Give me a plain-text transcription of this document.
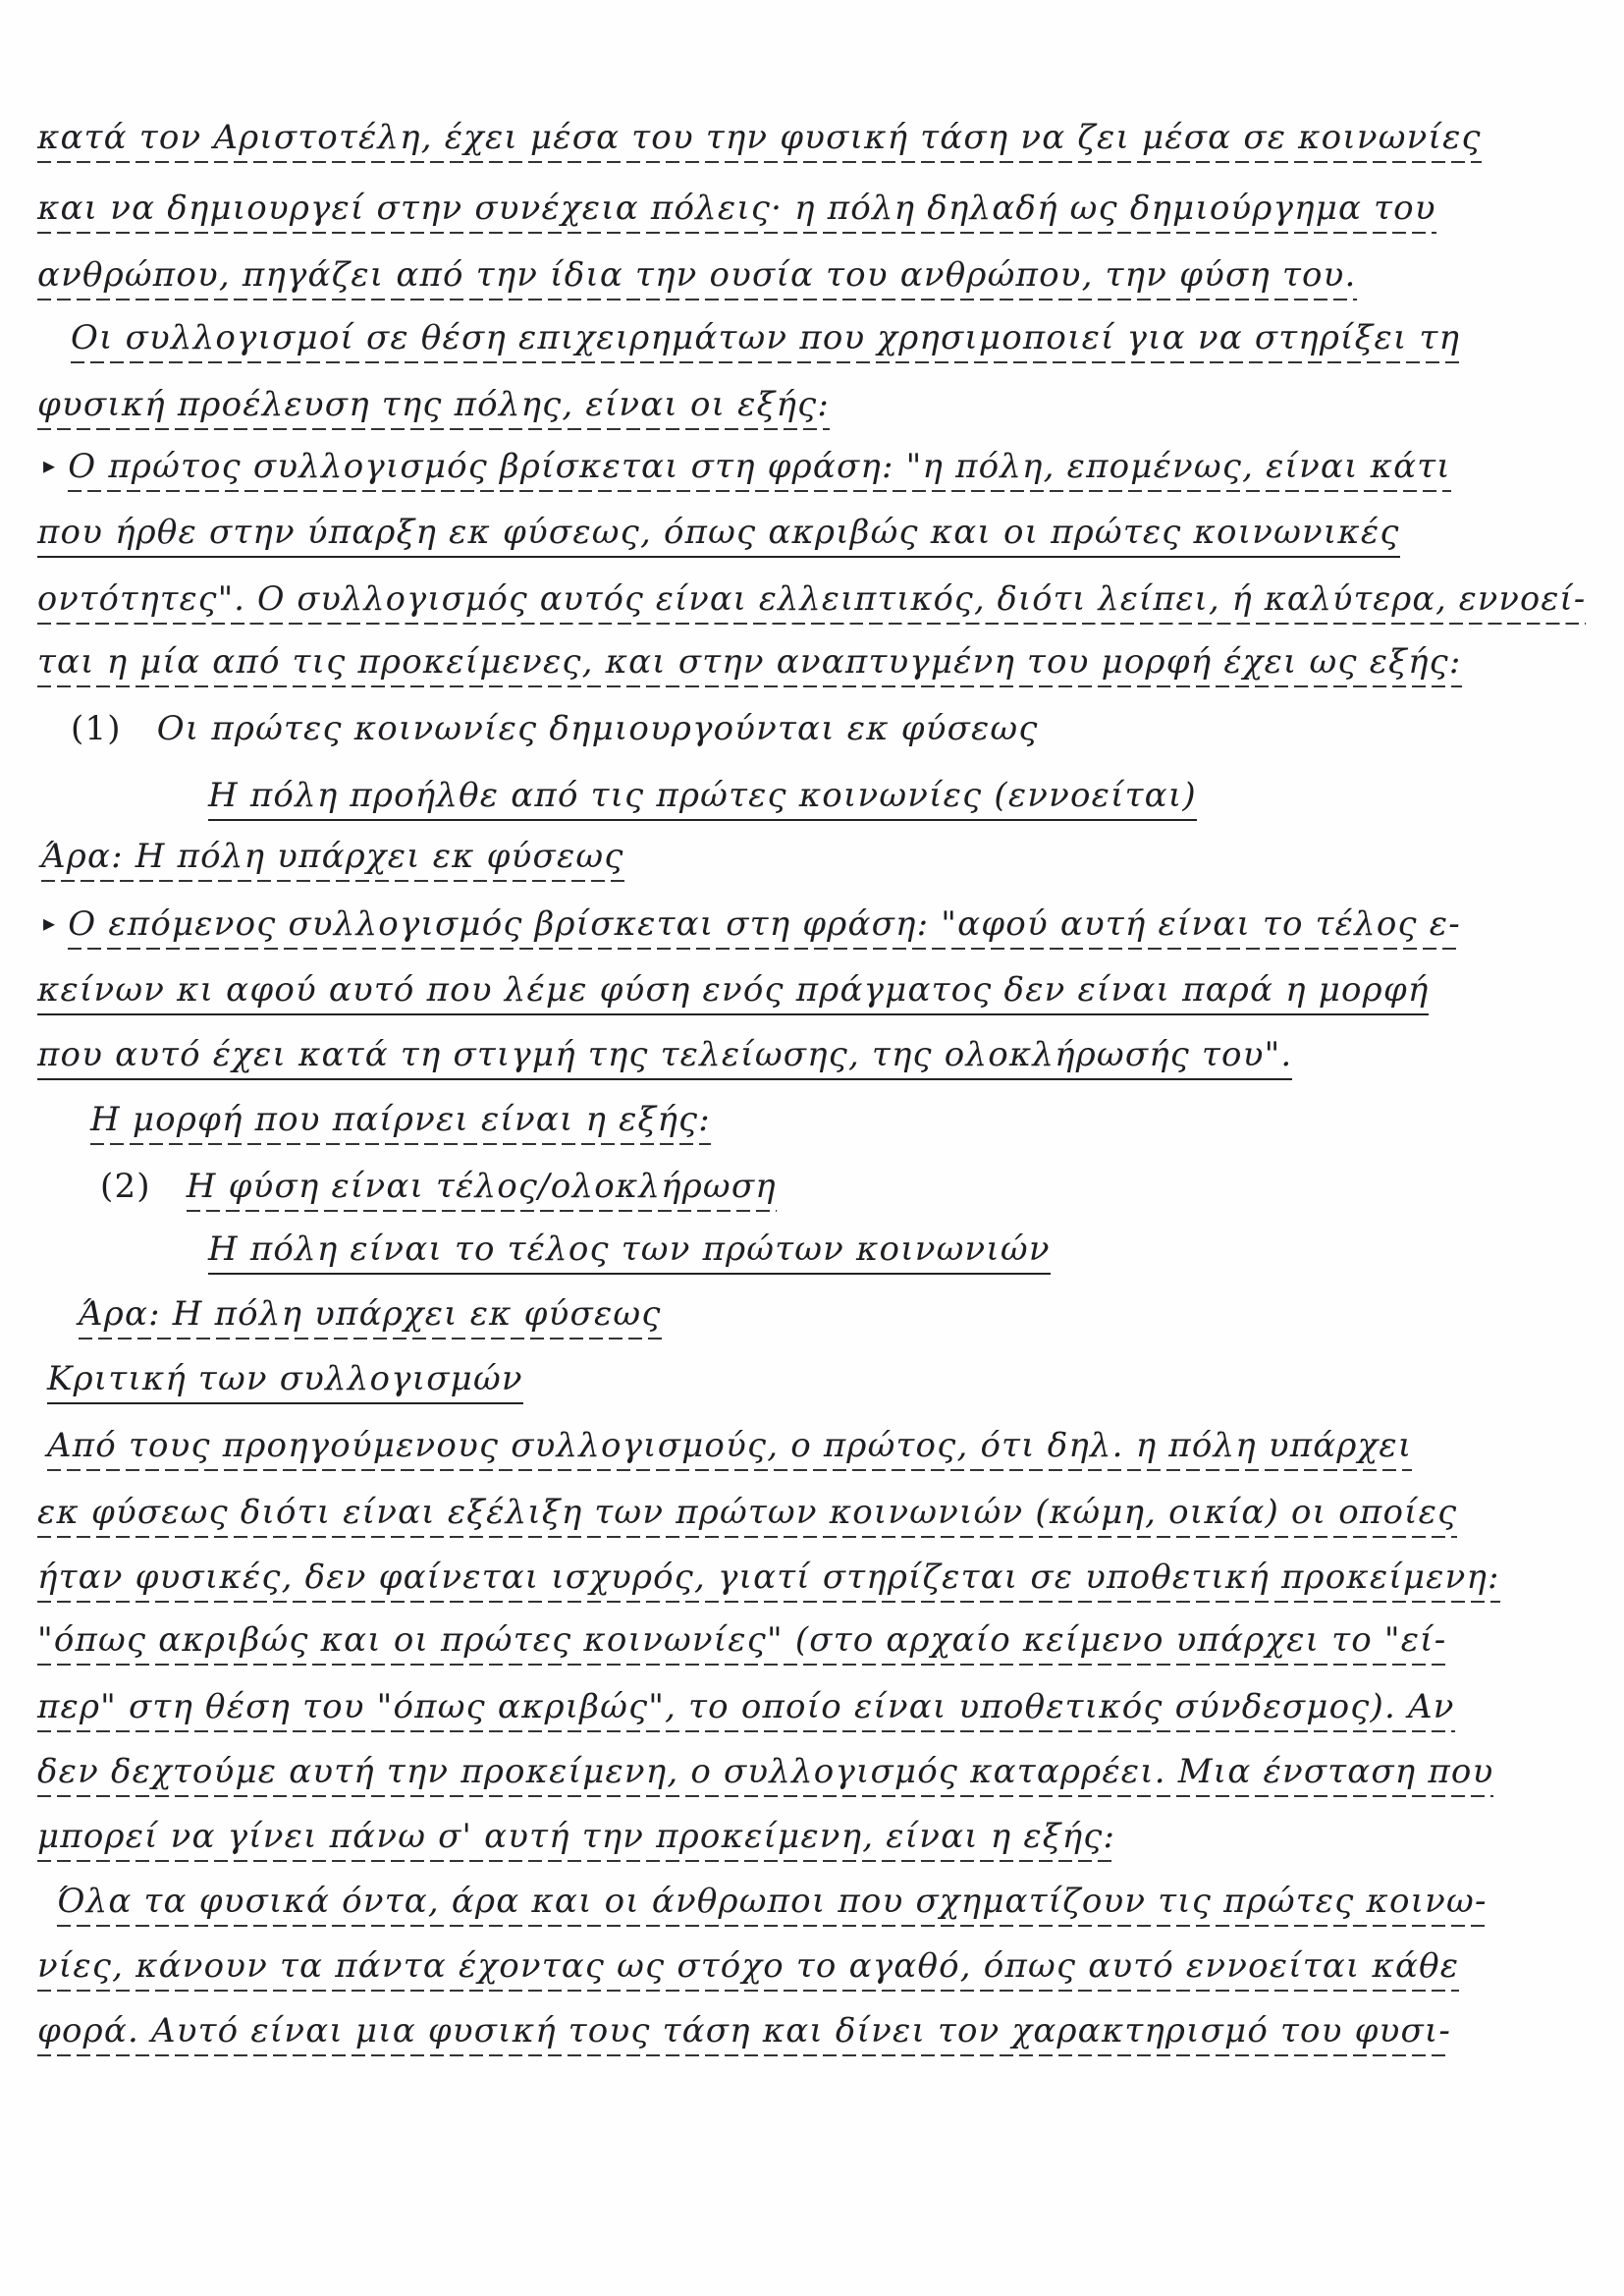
κατά τον Αριστοτέλη, έχει μέσα του την φυσική τάση να ζει μέσα σε κοινωνίες
και να δημιουργεί στην συνέχεια πόλεις· η πόλη δηλαδή ως δημιούργημα του
ανθρώπου, πηγάζει από την ίδια την ουσία του ανθρώπου, την φύση του.
Οι συλλογισμοί σε θέση επιχειρημάτων που χρησιμοποιεί για να στηρίξει τη
φυσική προέλευση της πόλης, είναι οι εξής:
▸ Ο πρώτος συλλογισμός βρίσκεται στη φράση: "η πόλη, επομένως, είναι κάτι
που ήρθε στην ύπαρξη εκ φύσεως, όπως ακριβώς και οι πρώτες κοινωνικές
οντότητες". Ο συλλογισμός αυτός είναι ελλειπτικός, διότι λείπει, ή καλύτερα, εννοεί-
ται η μία από τις προκείμενες, και στην αναπτυγμένη του μορφή έχει ως εξής:
(1) Οι πρώτες κοινωνίες δημιουργούνται εκ φύσεως
Η πόλη προήλθε από τις πρώτες κοινωνίες (εννοείται)
Άρα: Η πόλη υπάρχει εκ φύσεως
▸ Ο επόμενος συλλογισμός βρίσκεται στη φράση: "αφού αυτή είναι το τέλος ε-
κείνων κι αφού αυτό που λέμε φύση ενός πράγματος δεν είναι παρά η μορφή
που αυτό έχει κατά τη στιγμή της τελείωσης, της ολοκλήρωσής του".
Η μορφή που παίρνει είναι η εξής:
(2) Η φύση είναι τέλος/ολοκλήρωση
Η πόλη είναι το τέλος των πρώτων κοινωνιών
Άρα: Η πόλη υπάρχει εκ φύσεως
Κριτική των συλλογισμών
Από τους προηγούμενους συλλογισμούς, ο πρώτος, ότι δηλ. η πόλη υπάρχει
εκ φύσεως διότι είναι εξέλιξη των πρώτων κοινωνιών (κώμη, οικία) οι οποίες
ήταν φυσικές, δεν φαίνεται ισχυρός, γιατί στηρίζεται σε υποθετική προκείμενη:
"όπως ακριβώς και οι πρώτες κοινωνίες" (στο αρχαίο κείμενο υπάρχει το "εί-
περ" στη θέση του "όπως ακριβώς", το οποίο είναι υποθετικός σύνδεσμος). Αν
δεν δεχτούμε αυτή την προκείμενη, ο συλλογισμός καταρρέει. Μια ένσταση που
μπορεί να γίνει πάνω σ' αυτή την προκείμενη, είναι η εξής:
Όλα τα φυσικά όντα, άρα και οι άνθρωποι που σχηματίζουν τις πρώτες κοινω-
νίες, κάνουν τα πάντα έχοντας ως στόχο το αγαθό, όπως αυτό εννοείται κάθε
φορά. Αυτό είναι μια φυσική τους τάση και δίνει τον χαρακτηρισμό του φυσι-
